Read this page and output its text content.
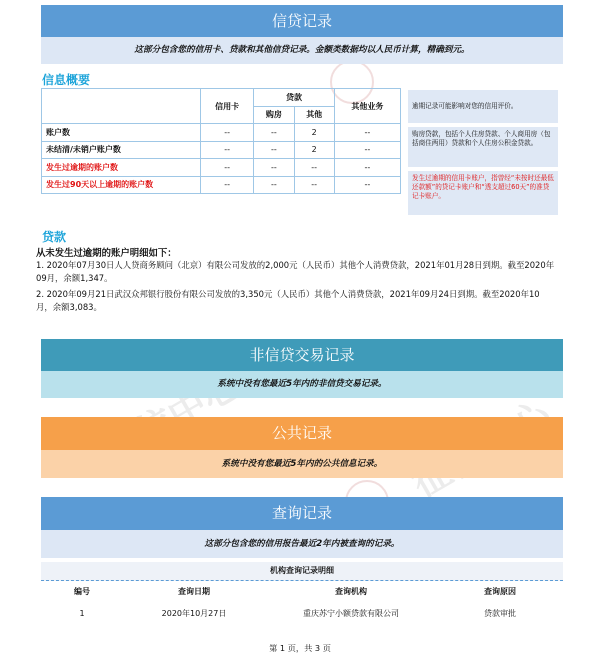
信贷记录
这部分包含您的信用卡、贷款和其他信贷记录。金额类数据均以人民币计算，精确到元。
信息概要
	信用卡	贷款		其他业务
		购房	其他	
账户数	--	--	2	--
未结清/未销户账户数	--	--	2	--
发生过逾期的账户数	--	--	--	--
发生过90天以上逾期的账户数	--	--	--	--
逾期记录可能影响对您的信用评价。
购房贷款，包括个人住房贷款、个人商用房（包括商住两用）贷款和个人住房公积金贷款。
发生过逾期的信用卡账户，指曾经“未按时还最低还款额”的贷记卡账户和“透支超过60天”的准贷记卡账户。
贷款
从未发生过逾期的账户明细如下：
1. 2020年07月30日人人贷商务顾问（北京）有限公司发放的2,000元（人民币）其他个人消费贷款，2021年01月28日到期。截至2020年09月，余额1,347。
2. 2020年09月21日武汉众邦银行股份有限公司发放的3,350元（人民币）其他个人消费贷款，2021年09月24日到期。截至2020年10月，余额3,083。
非信贷交易记录
系统中没有您最近5年内的非信贷交易记录。
公共记录
系统中没有您最近5年内的公共信息记录。
查询记录
这部分包含您的信用报告最近2年内被查询的记录。
机构查询记录明细
编号	查询日期	查询机构	查询原因
1	2020年10月27日	重庆苏宁小额贷款有限公司	贷款审批
第 1 页，共 3 页
